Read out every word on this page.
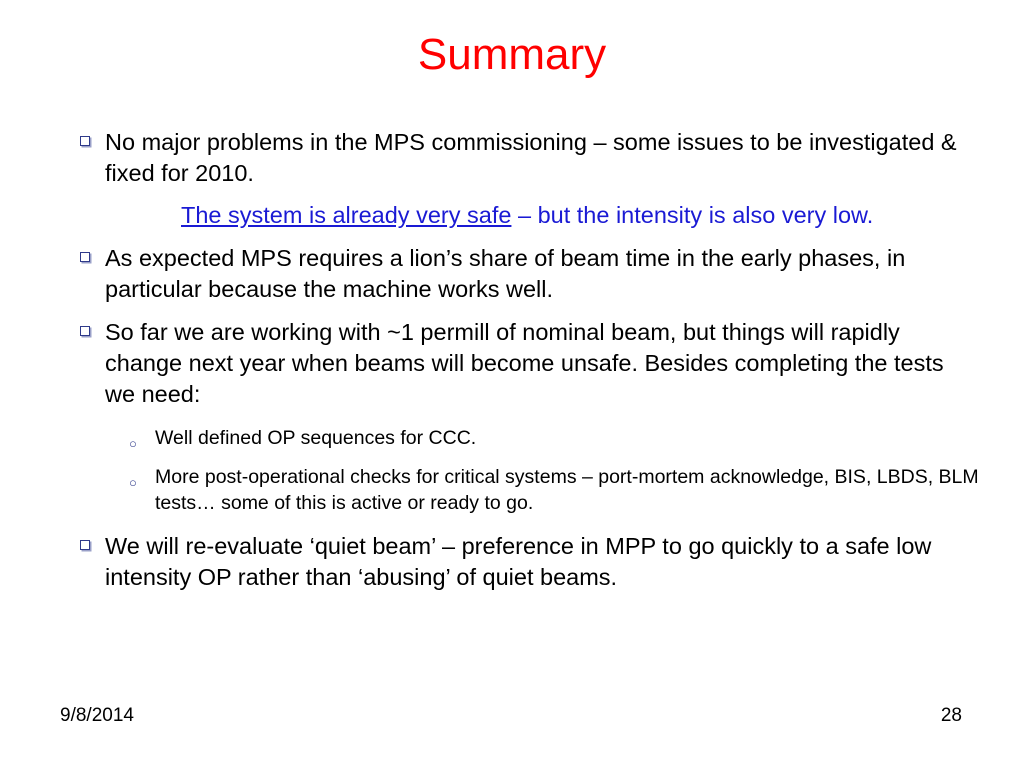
Summary
No major problems in the MPS commissioning – some issues to be investigated & fixed for 2010.
The system is already very safe – but the intensity is also very low.
As expected MPS requires a lion’s share of beam time in the early phases, in particular because the machine works well.
So far we are working with ~1 permill of nominal beam, but things will rapidly change next year when beams will become unsafe. Besides completing the tests we need:
○ Well defined OP sequences for CCC.
○ More post-operational checks for critical systems – port-mortem acknowledge, BIS, LBDS, BLM tests… some of this is active or ready to go.
We will re-evaluate ‘quiet beam’ – preference in MPP to go quickly to a safe low intensity OP rather than ‘abusing’ of quiet beams.
9/8/2014	28
